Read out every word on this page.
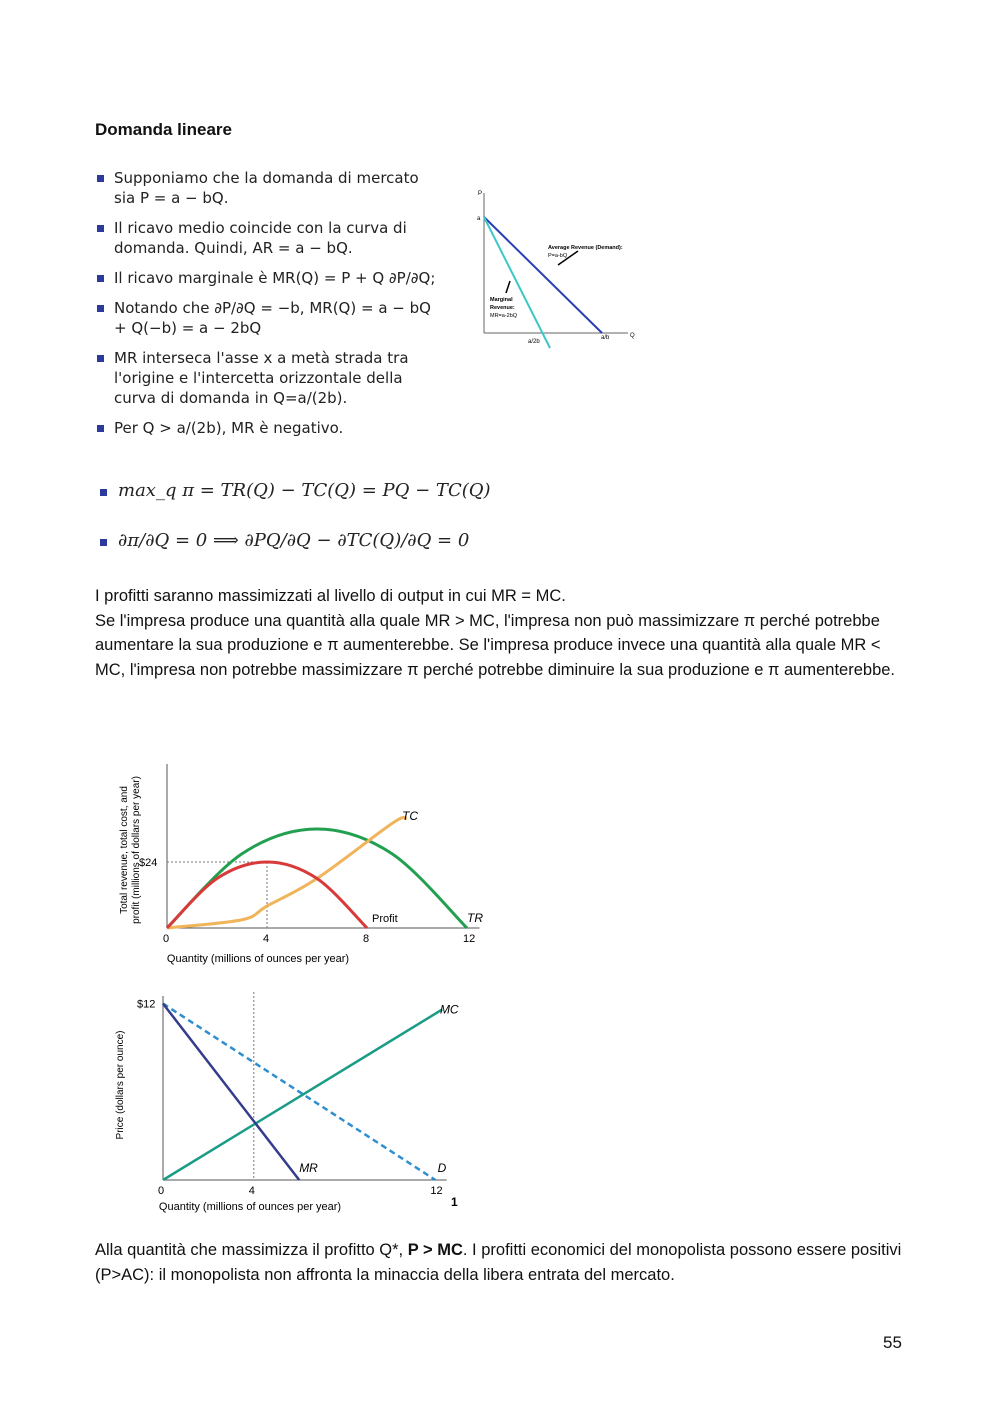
Domanda lineare
Supponiamo che la domanda di mercato sia P = a − bQ.
Il ricavo medio coincide con la curva di domanda. Quindi, AR = a − bQ.
Il ricavo marginale è MR(Q) = P + Q ∂P/∂Q;
Notando che ∂P/∂Q = −b, MR(Q) = a − bQ + Q(−b) = a − 2bQ
MR interseca l'asse x a metà strada tra l'origine e l'intercetta orizzontale della curva di domanda in Q=a/(2b).
Per Q > a/(2b), MR è negativo.
P
a
Q
a/2b
a/b
Average Revenue (Demand):
P=a-bQ
Marginal
Revenue:
MR=a-2bQ
max_q π = TR(Q) − TC(Q) = PQ − TC(Q)
∂π/∂Q = 0 ⟹ ∂PQ/∂Q − ∂TC(Q)/∂Q = 0

I profitti saranno massimizzati al livello di output in cui MR = MC.

Se l'impresa produce una quantità alla quale MR > MC, l'impresa non può massimizzare π perché potrebbe aumentare la sua produzione e π aumenterebbe. Se l'impresa produce invece una quantità alla quale MR < MC, l'impresa non potrebbe massimizzare π perché potrebbe diminuire la sua produzione e π aumenterebbe.

0	4	8	12
$24
TC
TR
Profit
Quantity (millions of ounces per year)
Total revenue, total cost, and profit (millions of dollars per year)
0	4	12
$12	MC
D
MR
Quantity (millions of ounces per year)
Price (dollars per ounce)
1

Alla quantità che massimizza il profitto Q*, P > MC. I profitti economici del monopolista possono essere positivi (P>AC): il monopolista non affronta la minaccia della libera entrata del mercato.

55
